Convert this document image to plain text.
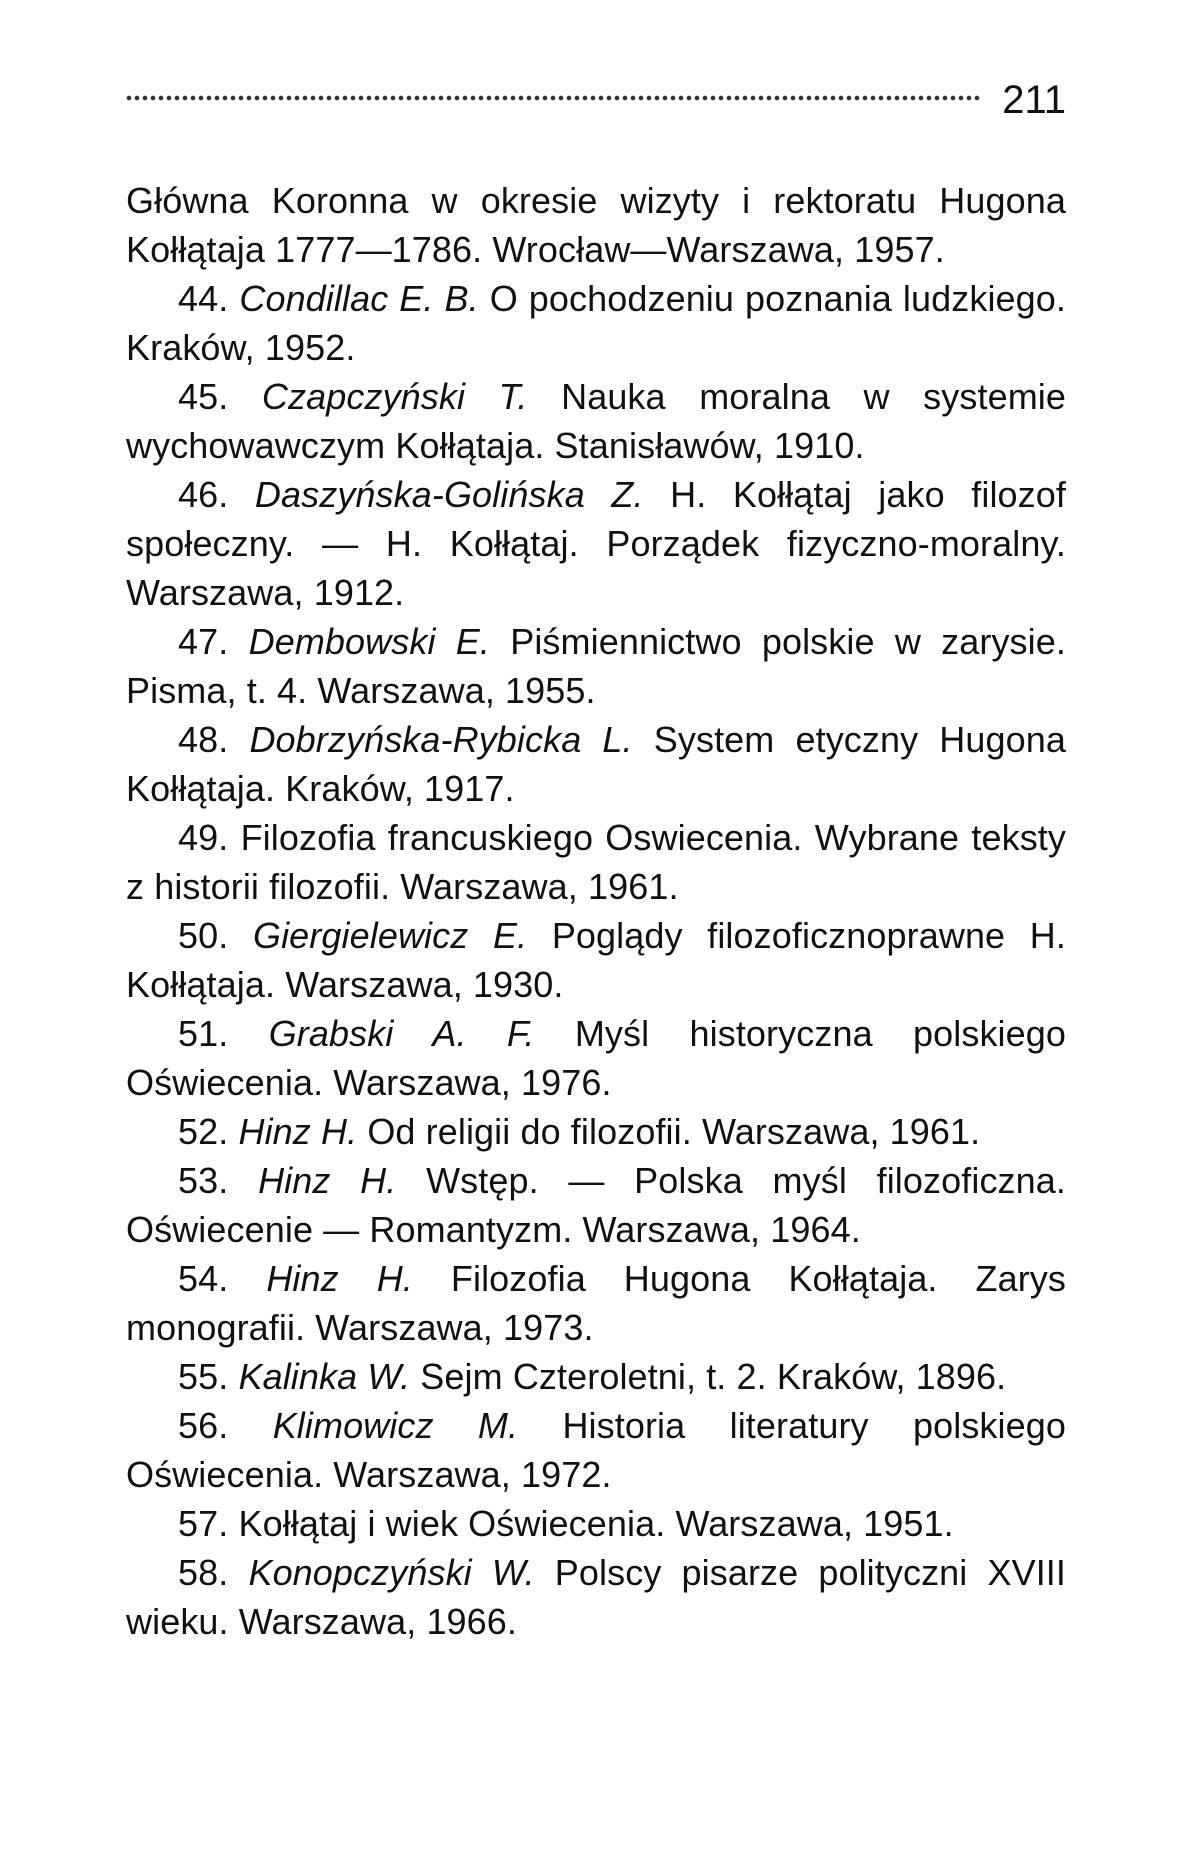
211

Główna Koronna w okresie wizyty i rektoratu Hugona Kołłątaja 1777—1786. Wrocław—Warszawa, 1957.

44. Condillac E. B. O pochodzeniu poznania ludzkiego. Kraków, 1952.

45. Czapczyński T. Nauka moralna w systemie wychowawczym Kołłątaja. Stanisławów, 1910.

46. Daszyńska-Golińska Z. H. Kołłątaj jako filozof społeczny. — H. Kołłątaj. Porządek fizyczno-moralny. Warszawa, 1912.

47. Dembowski E. Piśmiennictwo polskie w zarysie. Pisma, t. 4. Warszawa, 1955.

48. Dobrzyńska-Rybicka L. System etyczny Hugona Kołłątaja. Kraków, 1917.

49. Filozofia francuskiego Oswiecenia. Wybrane teksty z historii filozofii. Warszawa, 1961.

50. Giergielewicz E. Poglądy filozoficznoprawne H. Kołłątaja. Warszawa, 1930.

51. Grabski A. F. Myśl historyczna polskiego Oświecenia. Warszawa, 1976.

52. Hinz H. Od religii do filozofii. Warszawa, 1961.

53. Hinz H. Wstęp. — Polska myśl filozoficzna. Oświecenie — Romantyzm. Warszawa, 1964.

54. Hinz H. Filozofia Hugona Kołłątaja. Zarys monografii. Warszawa, 1973.

55. Kalinka W. Sejm Czteroletni, t. 2. Kraków, 1896.

56. Klimowicz M. Historia literatury polskiego Oświecenia. Warszawa, 1972.

57. Kołłątaj i wiek Oświecenia. Warszawa, 1951.

58. Konopczyński W. Polscy pisarze polityczni XVIII wieku. Warszawa, 1966.
